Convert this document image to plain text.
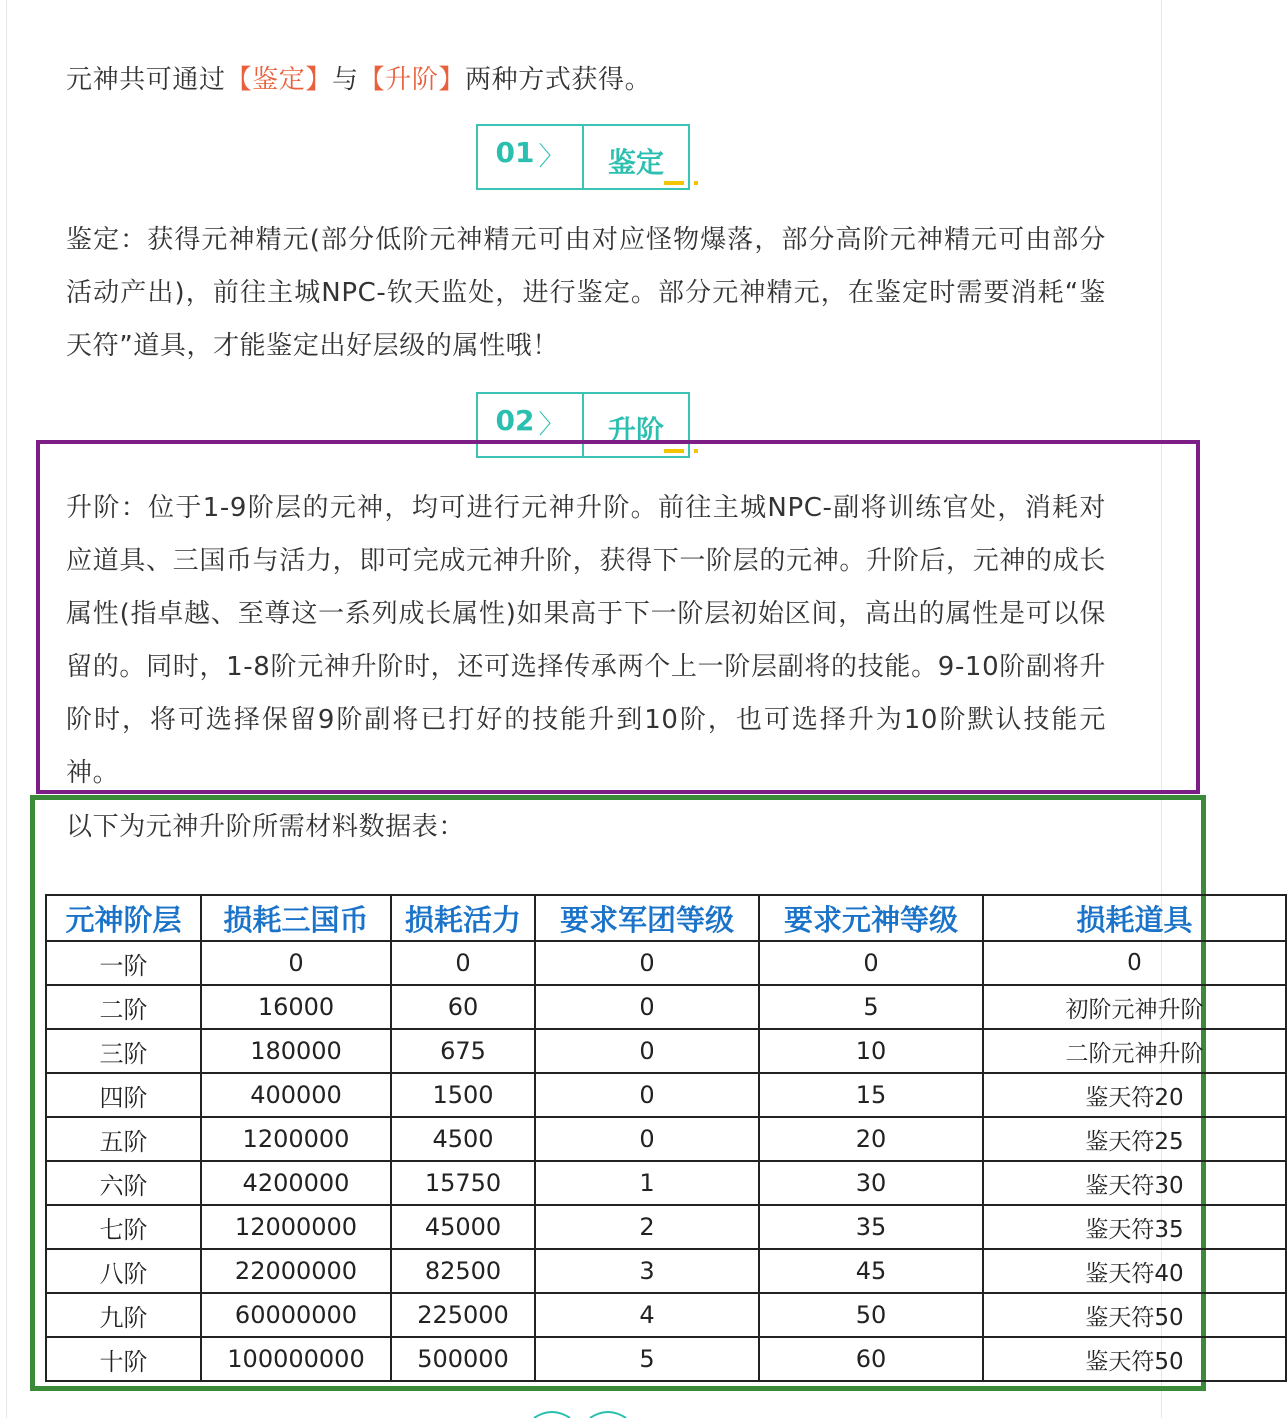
元神共可通过【鉴定】与【升阶】两种方式获得。

01 〉 鉴定

鉴定：获得元神精元(部分低阶元神精元可由对应怪物爆落，部分高阶元神精元可由部分活动产出)，前往主城NPC-钦天监处，进行鉴定。部分元神精元，在鉴定时需要消耗“鉴天符”道具，才能鉴定出好层级的属性哦！

02 〉 升阶

升阶：位于1-9阶层的元神，均可进行元神升阶。前往主城NPC-副将训练官处，消耗对应道具、三国币与活力，即可完成元神升阶，获得下一阶层的元神。升阶后，元神的成长属性(指卓越、至尊这一系列成长属性)如果高于下一阶层初始区间，高出的属性是可以保留的。同时，1-8阶元神升阶时，还可选择传承两个上一阶层副将的技能。9-10阶副将升阶时，将可选择保留9阶副将已打好的技能升到10阶，也可选择升为10阶默认技能元神。

以下为元神升阶所需材料数据表：

元神阶层	损耗三国币	损耗活力	要求军团等级	要求元神等级	损耗道具
一阶	0	0	0	0	0
二阶	16000	60	0	5	初阶元神升阶
三阶	180000	675	0	10	二阶元神升阶
四阶	400000	1500	0	15	鉴天符20
五阶	1200000	4500	0	20	鉴天符25
六阶	4200000	15750	1	30	鉴天符30
七阶	12000000	45000	2	35	鉴天符35
八阶	22000000	82500	3	45	鉴天符40
九阶	60000000	225000	4	50	鉴天符50
十阶	100000000	500000	5	60	鉴天符50
